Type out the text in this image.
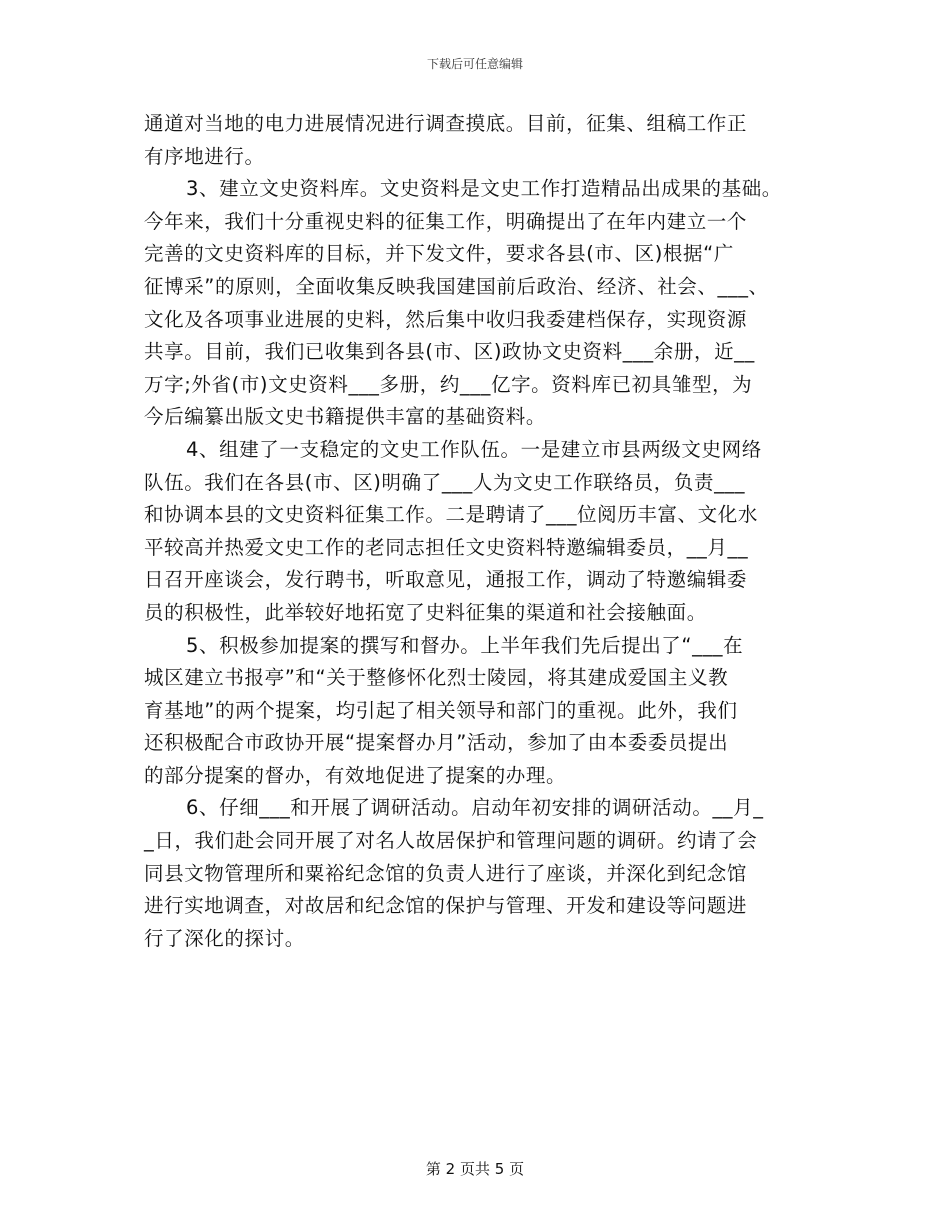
下载后可任意编辑
通道对当地的电力进展情况进行调查摸底。目前，征集、组稿工作正
有序地进行。
3、建立文史资料库。文史资料是文史工作打造精品出成果的基础。
今年来，我们十分重视史料的征集工作，明确提出了在年内建立一个
完善的文史资料库的目标，并下发文件，要求各县(市、区)根据“广
征博采”的原则，全面收集反映我国建国前后政治、经济、社会、___、
文化及各项事业进展的史料，然后集中收归我委建档保存，实现资源
共享。目前，我们已收集到各县(市、区)政协文史资料___余册，近__
万字;外省(市)文史资料___多册，约___亿字。资料库已初具雏型，为
今后编纂出版文史书籍提供丰富的基础资料。
4、组建了一支稳定的文史工作队伍。一是建立市县两级文史网络
队伍。我们在各县(市、区)明确了___人为文史工作联络员，负责___
和协调本县的文史资料征集工作。二是聘请了___位阅历丰富、文化水
平较高并热爱文史工作的老同志担任文史资料特邀编辑委员，__月__
日召开座谈会，发行聘书，听取意见，通报工作，调动了特邀编辑委
员的积极性，此举较好地拓宽了史料征集的渠道和社会接触面。
5、积极参加提案的撰写和督办。上半年我们先后提出了“___在
城区建立书报亭”和“关于整修怀化烈士陵园，将其建成爱国主义教
育基地”的两个提案，均引起了相关领导和部门的重视。此外，我们
还积极配合市政协开展“提案督办月”活动，参加了由本委委员提出
的部分提案的督办，有效地促进了提案的办理。
6、仔细___和开展了调研活动。启动年初安排的调研活动。__月_
_日，我们赴会同开展了对名人故居保护和管理问题的调研。约请了会
同县文物管理所和粟裕纪念馆的负责人进行了座谈，并深化到纪念馆
进行实地调查，对故居和纪念馆的保护与管理、开发和建设等问题进
行了深化的探讨。
第 2 页共 5 页
